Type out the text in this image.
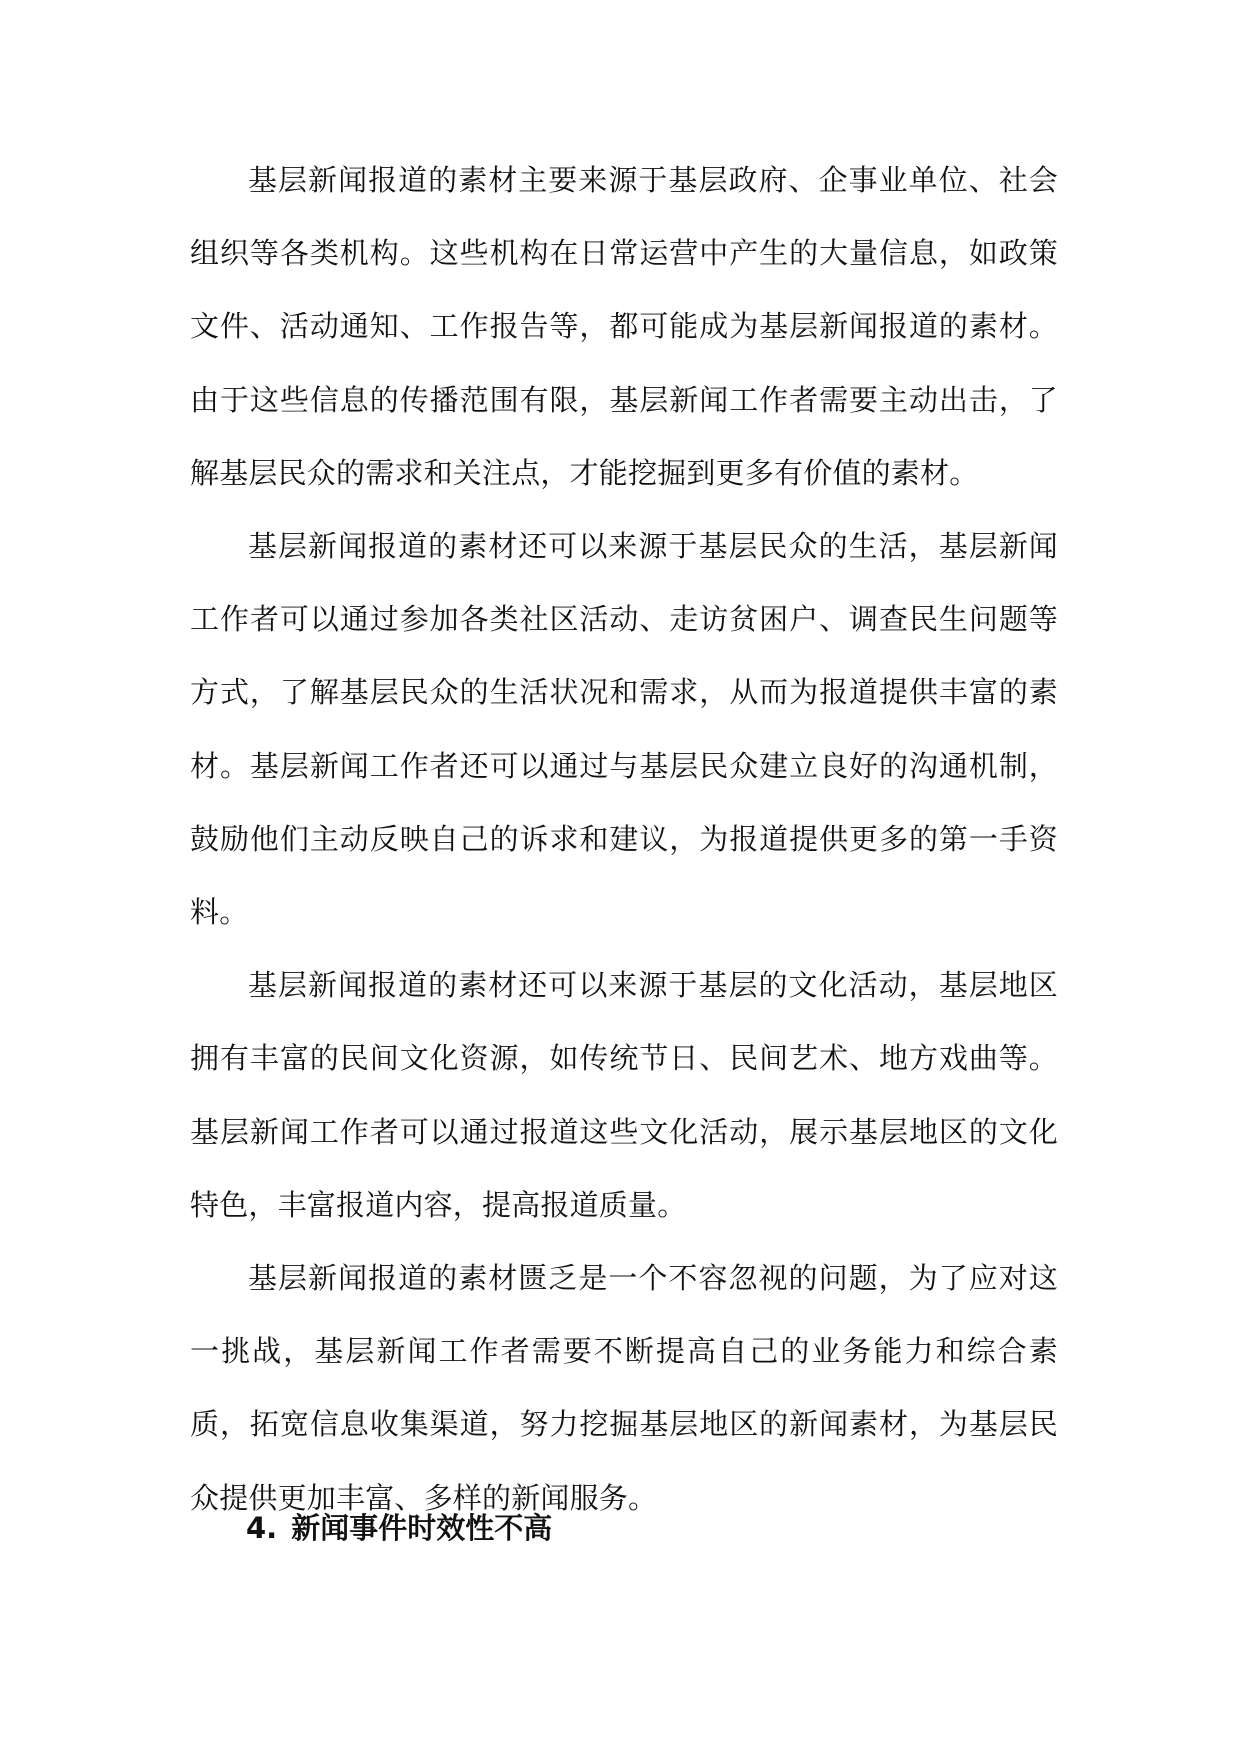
基层新闻报道的素材主要来源于基层政府、企事业单位、社会组织等各类机构。这些机构在日常运营中产生的大量信息，如政策文件、活动通知、工作报告等，都可能成为基层新闻报道的素材。由于这些信息的传播范围有限，基层新闻工作者需要主动出击，了解基层民众的需求和关注点，才能挖掘到更多有价值的素材。

基层新闻报道的素材还可以来源于基层民众的生活，基层新闻工作者可以通过参加各类社区活动、走访贫困户、调查民生问题等方式，了解基层民众的生活状况和需求，从而为报道提供丰富的素材。基层新闻工作者还可以通过与基层民众建立良好的沟通机制，鼓励他们主动反映自己的诉求和建议，为报道提供更多的第一手资料。

基层新闻报道的素材还可以来源于基层的文化活动，基层地区拥有丰富的民间文化资源，如传统节日、民间艺术、地方戏曲等。基层新闻工作者可以通过报道这些文化活动，展示基层地区的文化特色，丰富报道内容，提高报道质量。

基层新闻报道的素材匮乏是一个不容忽视的问题，为了应对这一挑战，基层新闻工作者需要不断提高自己的业务能力和综合素质，拓宽信息收集渠道，努力挖掘基层地区的新闻素材，为基层民众提供更加丰富、多样的新闻服务。

4. 新闻事件时效性不高
